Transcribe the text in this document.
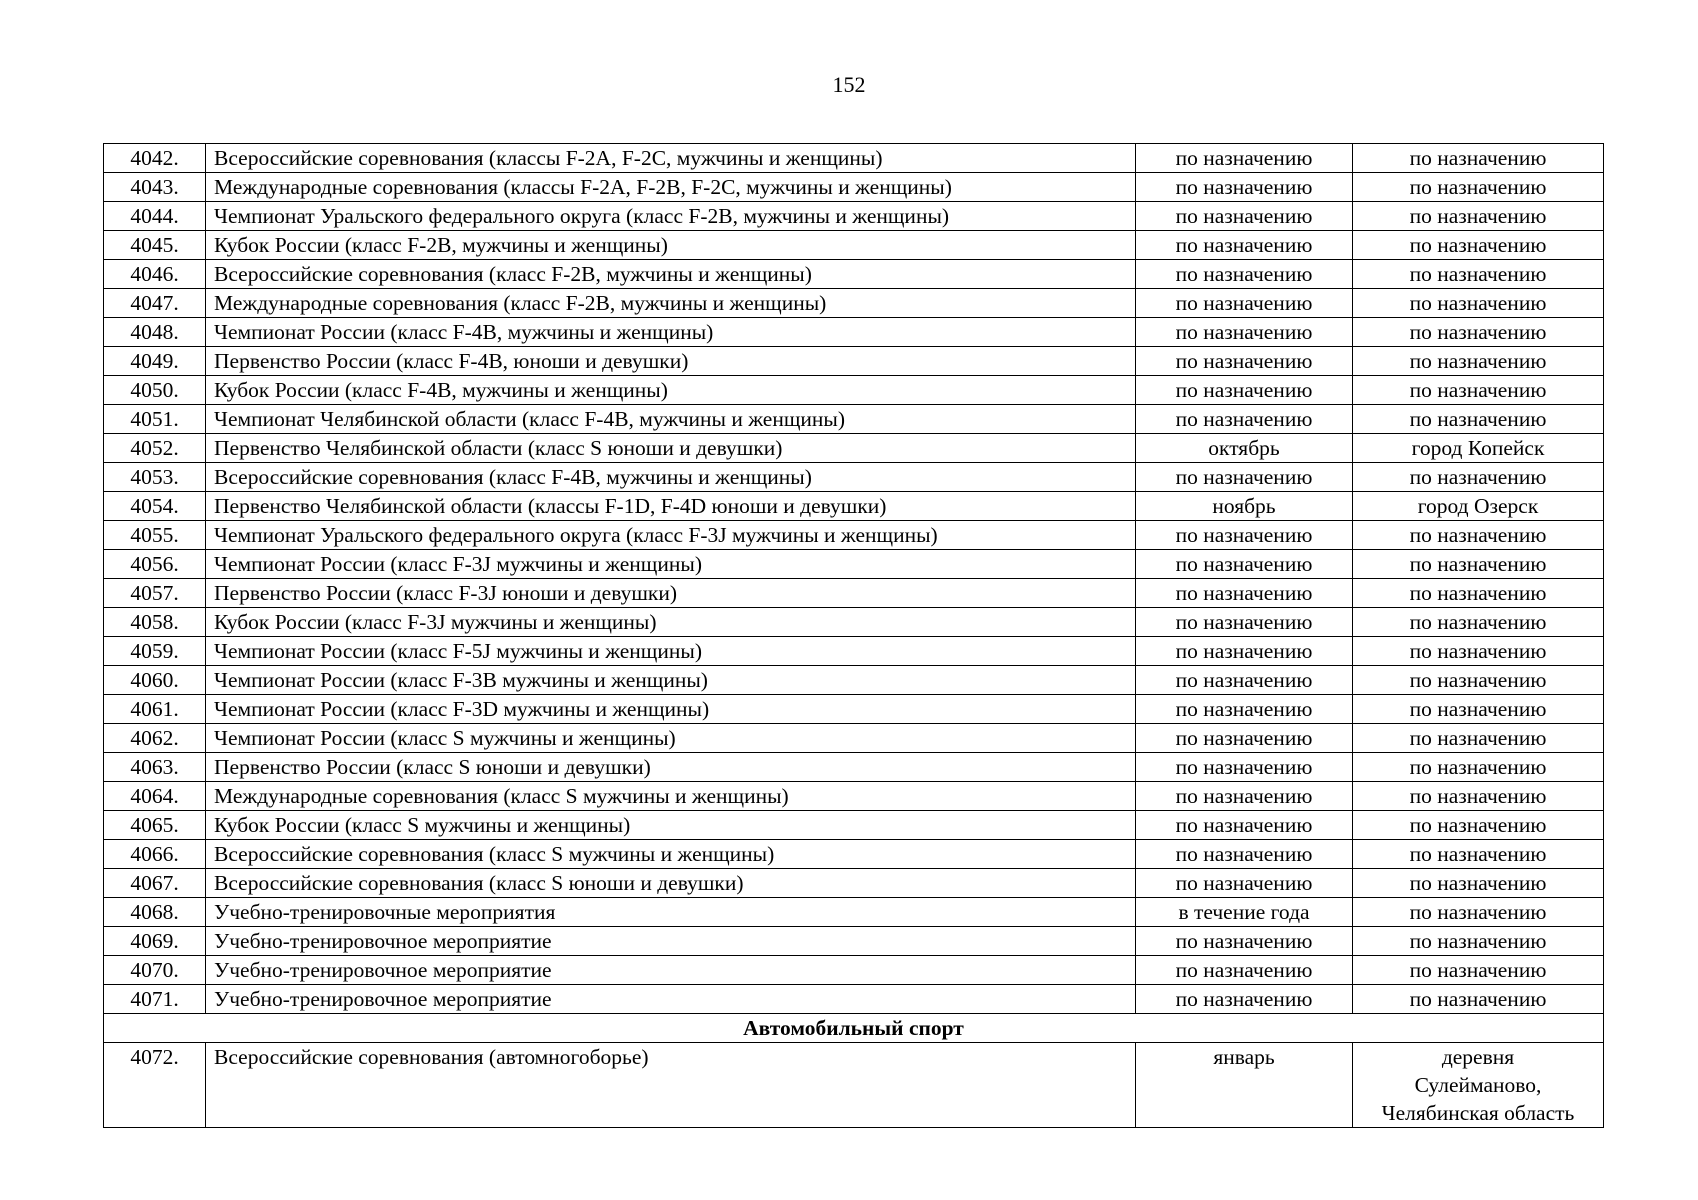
152
4042.	Всероссийские соревнования (классы F-2A, F-2C, мужчины и женщины)	по назначению	по назначению
4043.	Международные соревнования (классы F-2A, F-2B, F-2C, мужчины и женщины)	по назначению	по назначению
4044.	Чемпионат Уральского федерального округа (класс F-2B, мужчины и женщины)	по назначению	по назначению
4045.	Кубок России (класс F-2B, мужчины и женщины)	по назначению	по назначению
4046.	Всероссийские соревнования (класс F-2B, мужчины и женщины)	по назначению	по назначению
4047.	Международные соревнования (класс F-2B, мужчины и женщины)	по назначению	по назначению
4048.	Чемпионат России (класс F-4B, мужчины и женщины)	по назначению	по назначению
4049.	Первенство России (класс F-4B, юноши и девушки)	по назначению	по назначению
4050.	Кубок России (класс F-4B, мужчины и женщины)	по назначению	по назначению
4051.	Чемпионат Челябинской области (класс F-4B, мужчины и женщины)	по назначению	по назначению
4052.	Первенство Челябинской области (класс S юноши и девушки)	октябрь	город Копейск
4053.	Всероссийские соревнования (класс F-4B, мужчины и женщины)	по назначению	по назначению
4054.	Первенство Челябинской области (классы F-1D, F-4D юноши и девушки)	ноябрь	город Озерск
4055.	Чемпионат Уральского федерального округа (класс F-3J мужчины и женщины)	по назначению	по назначению
4056.	Чемпионат России (класс F-3J мужчины и женщины)	по назначению	по назначению
4057.	Первенство России (класс F-3J юноши и девушки)	по назначению	по назначению
4058.	Кубок России (класс F-3J мужчины и женщины)	по назначению	по назначению
4059.	Чемпионат России (класс F-5J мужчины и женщины)	по назначению	по назначению
4060.	Чемпионат России (класс F-3B мужчины и женщины)	по назначению	по назначению
4061.	Чемпионат России (класс F-3D мужчины и женщины)	по назначению	по назначению
4062.	Чемпионат России (класс S мужчины и женщины)	по назначению	по назначению
4063.	Первенство России (класс S юноши и девушки)	по назначению	по назначению
4064.	Международные соревнования (класс S мужчины и женщины)	по назначению	по назначению
4065.	Кубок России (класс S мужчины и женщины)	по назначению	по назначению
4066.	Всероссийские соревнования (класс S мужчины и женщины)	по назначению	по назначению
4067.	Всероссийские соревнования (класс S юноши и девушки)	по назначению	по назначению
4068.	Учебно-тренировочные мероприятия	в течение года	по назначению
4069.	Учебно-тренировочное мероприятие	по назначению	по назначению
4070.	Учебно-тренировочное мероприятие	по назначению	по назначению
4071.	Учебно-тренировочное мероприятие	по назначению	по назначению
Автомобильный спорт			
4072.	Всероссийские соревнования (автомногоборье)	январь	деревня
Сулейманово,
Челябинская область
